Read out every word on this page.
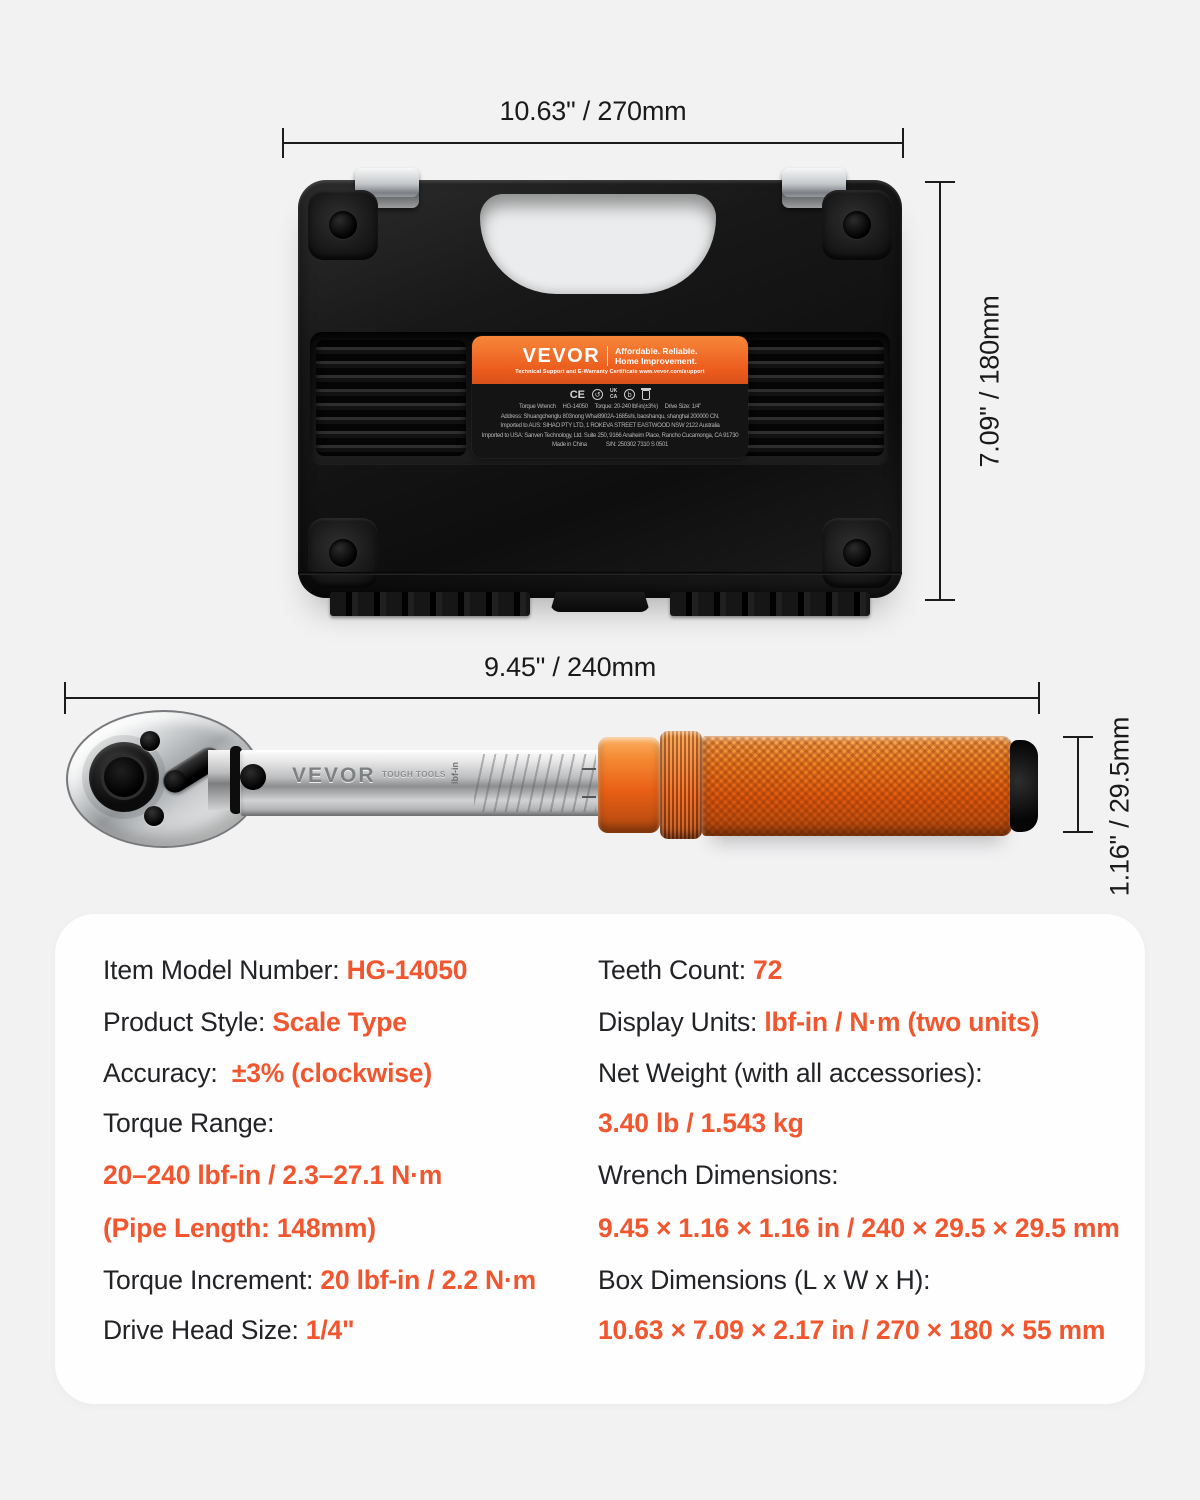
10.63" / 270mm
7.09" / 180mm
VEVOR Affordable. Reliable.
Home Improvement.
Technical Support and E-Warranty Certificate www.vevor.com/support
CE	↺
UK
CA	b
Torque Wrench     HG-14050     Torque: 20-240 lbf-in(±3%)     Drive Size: 1/4"
Address: Shuangchenglu 803nong Wha/8902A-1685shi, baoshanqu, shanghai 200000 CN.
Imported to AUS: SIHAO PTY LTD, 1 ROKEVA STREET EASTWOOD NSW 2122 Australia
Imported to USA: Sanven Technology, Ltd. Suite 250, 9166 Anaheim Place, Rancho Cucamonga, CA 91730
Made in China              S/N: 250302 7310 S 0501
9.45" / 240mm
VEVOR TOUGH TOOLS lbf-in	1.16" / 29.5mm
Item Model Number: HG-14050
Product Style: Scale Type
Accuracy:  ±3% (clockwise)
Torque Range:
20–240 lbf-in / 2.3–27.1 N·m
(Pipe Length: 148mm)
Torque Increment: 20 lbf-in / 2.2 N·m
Drive Head Size: 1/4"
Teeth Count: 72
Display Units: lbf-in / N·m (two units)
Net Weight (with all accessories):
3.40 lb / 1.543 kg
Wrench Dimensions:
9.45 × 1.16 × 1.16 in / 240 × 29.5 × 29.5 mm
Box Dimensions (L x W x H):
10.63 × 7.09 × 2.17 in / 270 × 180 × 55 mm
